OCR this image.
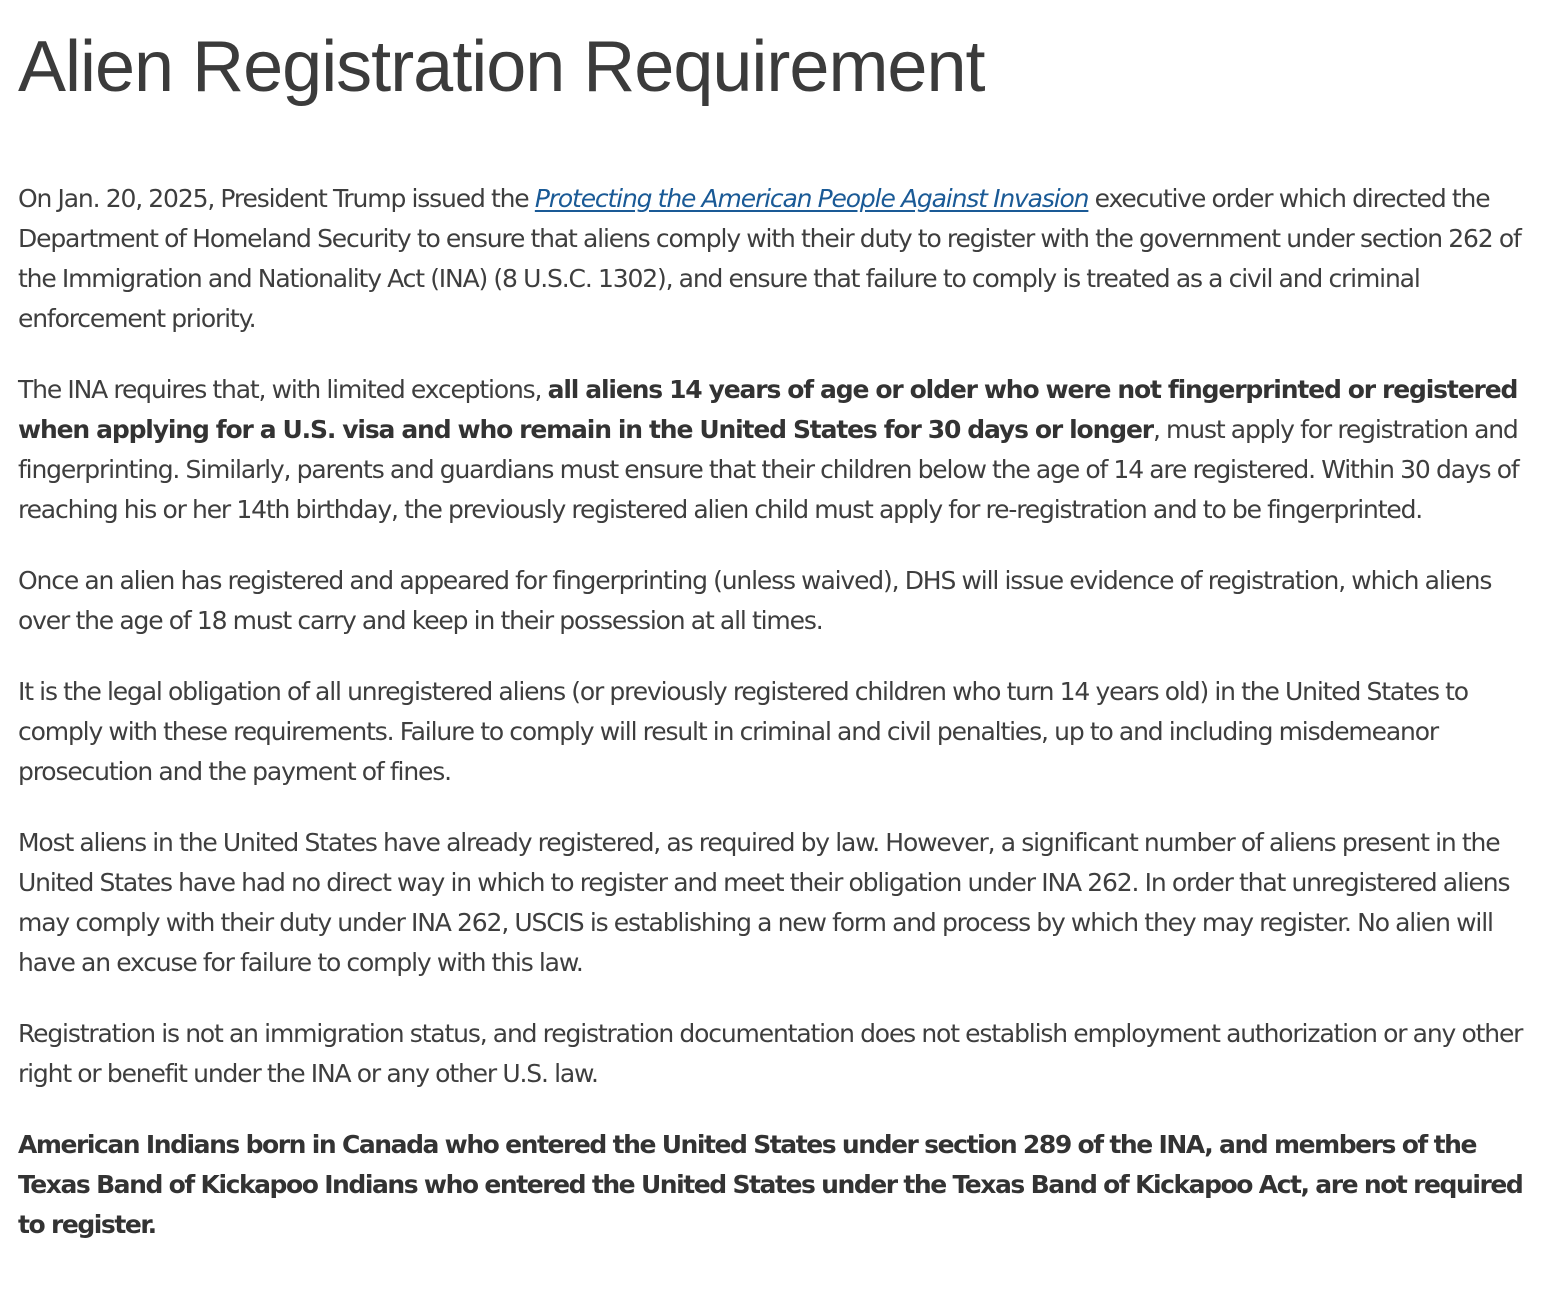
Alien Registration Requirement

On Jan. 20, 2025, President Trump issued the Protecting the American People Against Invasion executive order which directed the Department of Homeland Security to ensure that aliens comply with their duty to register with the government under section 262 of the Immigration and Nationality Act (INA) (8 U.S.C. 1302), and ensure that failure to comply is treated as a civil and criminal enforcement priority.

The INA requires that, with limited exceptions, all aliens 14 years of age or older who were not fingerprinted or registered when applying for a U.S. visa and who remain in the United States for 30 days or longer, must apply for registration and fingerprinting. Similarly, parents and guardians must ensure that their children below the age of 14 are registered. Within 30 days of reaching his or her 14th birthday, the previously registered alien child must apply for re-registration and to be fingerprinted.

Once an alien has registered and appeared for fingerprinting (unless waived), DHS will issue evidence of registration, which aliens over the age of 18 must carry and keep in their possession at all times.

It is the legal obligation of all unregistered aliens (or previously registered children who turn 14 years old) in the United States to comply with these requirements. Failure to comply will result in criminal and civil penalties, up to and including misdemeanor prosecution and the payment of fines.

Most aliens in the United States have already registered, as required by law. However, a significant number of aliens present in the United States have had no direct way in which to register and meet their obligation under INA 262. In order that unregistered aliens may comply with their duty under INA 262, USCIS is establishing a new form and process by which they may register. No alien will have an excuse for failure to comply with this law.

Registration is not an immigration status, and registration documentation does not establish employment authorization or any other right or benefit under the INA or any other U.S. law.

American Indians born in Canada who entered the United States under section 289 of the INA, and members of the Texas Band of Kickapoo Indians who entered the United States under the Texas Band of Kickapoo Act, are not required to register.
